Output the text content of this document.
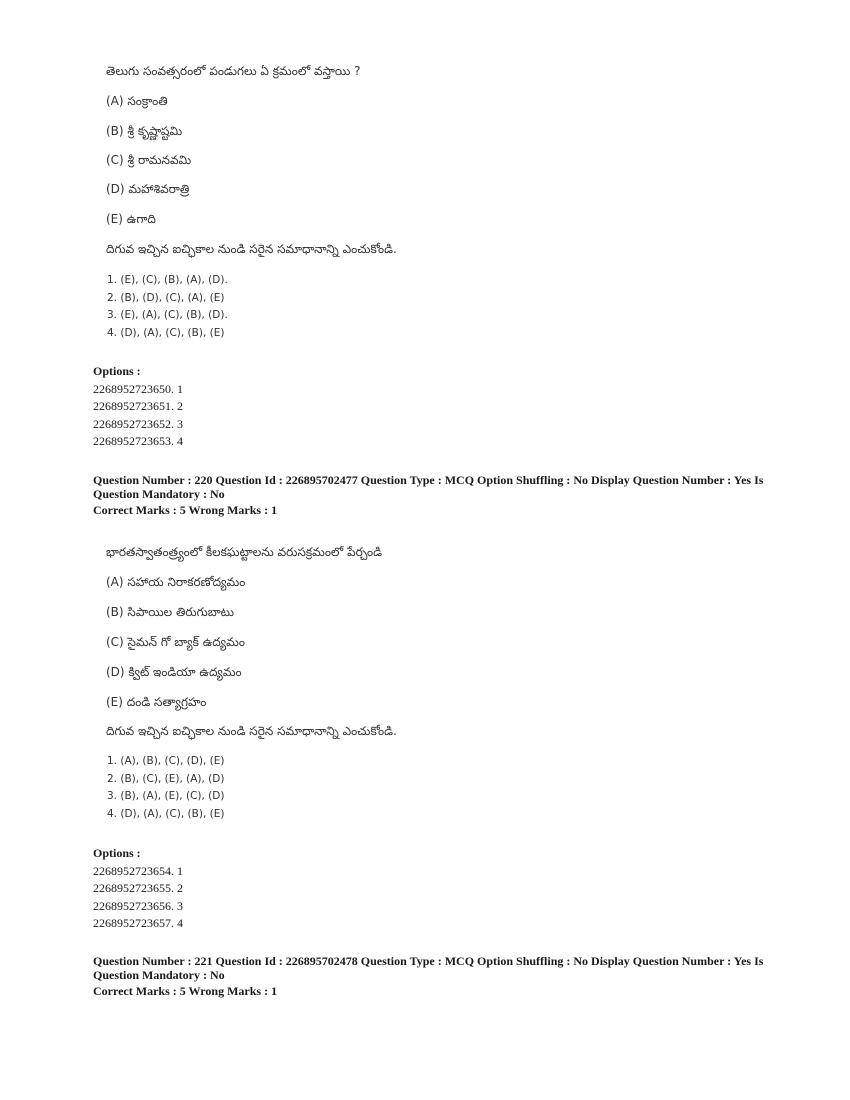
తెలుగు సంవత్సరంలో పండుగలు ఏ క్రమంలో వస్తాయి ?
(A) సంక్రాంతి
(B) శ్రీ కృష్ణాష్టమి
(C) శ్రీ రామనవమి
(D) మహాశివరాత్రి
(E) ఉగాది
దిగువ ఇచ్చిన ఐచ్ఛికాల నుండి సరైన సమాధానాన్ని ఎంచుకోండి.
1. (E), (C), (B), (A), (D).
2. (B), (D), (C), (A), (E)
3. (E), (A), (C), (B), (D).
4. (D), (A), (C), (B), (E)
Options :
2268952723650. 1
2268952723651. 2
2268952723652. 3
2268952723653. 4
Question Number : 220 Question Id : 226895702477 Question Type : MCQ Option Shuffling : No Display Question Number : Yes Is
Question Mandatory : No
Correct Marks : 5 Wrong Marks : 1
భారతస్వాతంత్ర్యంలో కీలకఘట్టాలను వరుసక్రమంలో పేర్చండి
(A) సహాయ నిరాకరణోద్యమం
(B) సిపాయిల తిరుగుబాటు
(C) సైమన్ గో బ్యాక్ ఉద్యమం
(D) క్విట్ ఇండియా ఉద్యమం
(E) దండి సత్యాగ్రహం
దిగువ ఇచ్చిన ఐచ్ఛికాల నుండి సరైన సమాధానాన్ని ఎంచుకోండి.
1. (A), (B), (C), (D), (E)
2. (B), (C), (E), (A), (D)
3. (B), (A), (E), (C), (D)
4. (D), (A), (C), (B), (E)
Options :
2268952723654. 1
2268952723655. 2
2268952723656. 3
2268952723657. 4
Question Number : 221 Question Id : 226895702478 Question Type : MCQ Option Shuffling : No Display Question Number : Yes Is
Question Mandatory : No
Correct Marks : 5 Wrong Marks : 1
